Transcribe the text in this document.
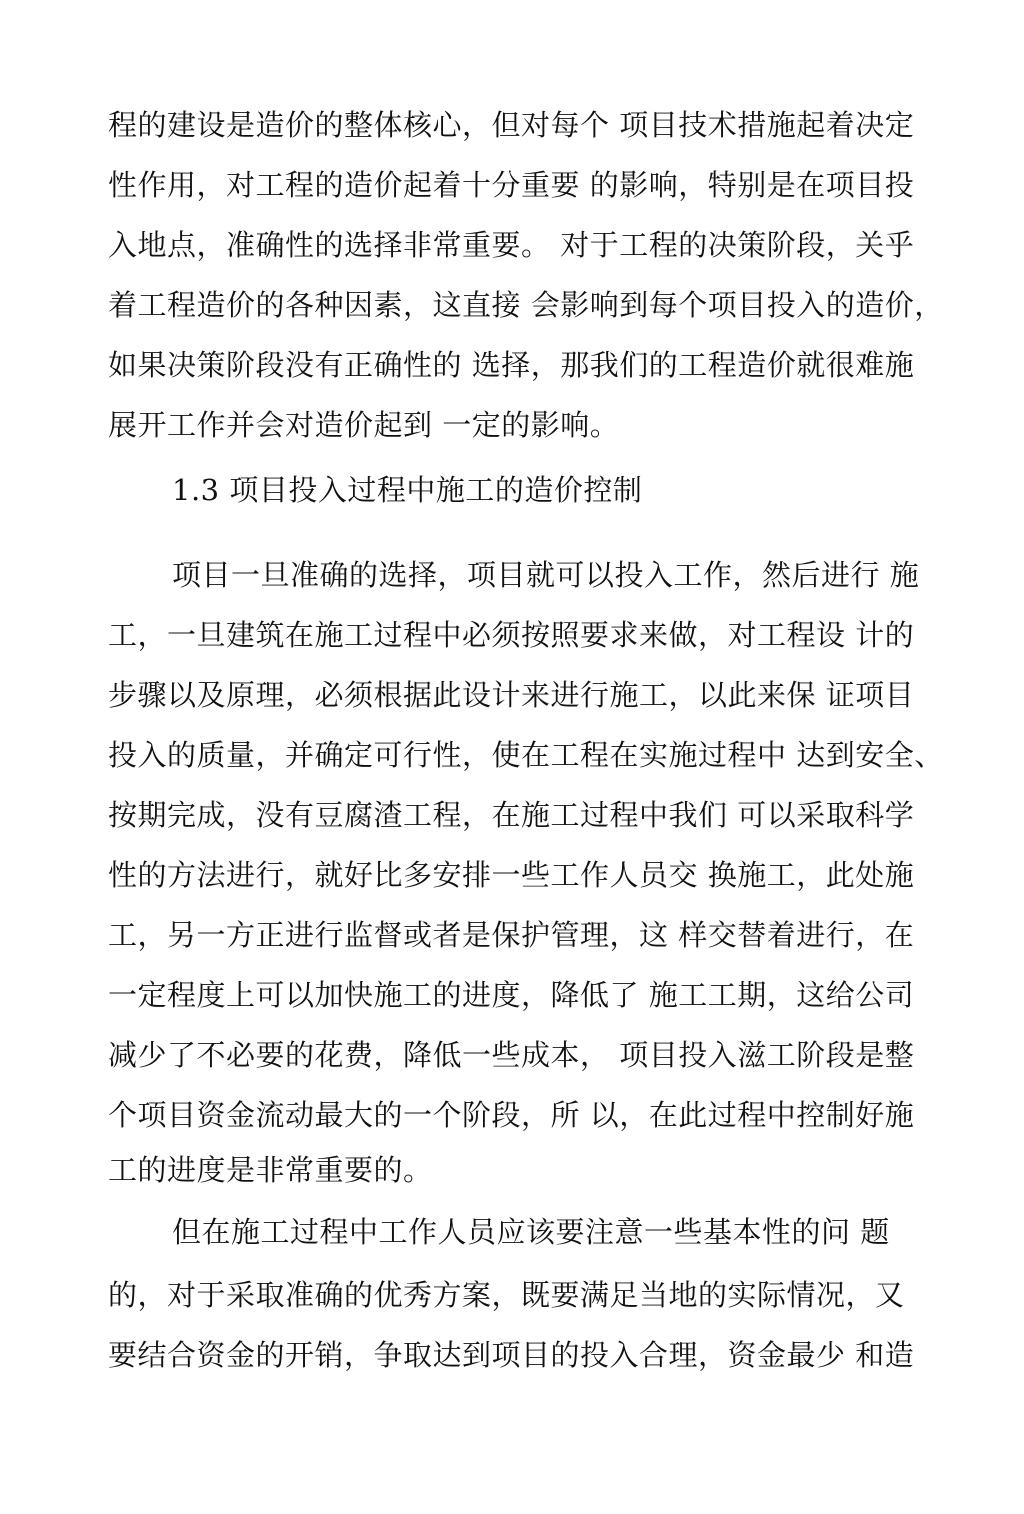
程的建设是造价的整体核心，但对每个 项目技术措施起着决定
性作用，对工程的造价起着十分重要 的影响，特别是在项目投
入地点，准确性的选择非常重要。 对于工程的决策阶段，关乎
着工程造价的各种因素，这直接 会影响到每个项目投入的造价，
如果决策阶段没有正确性的 选择，那我们的工程造价就很难施
展开工作并会对造价起到 一定的影响。
1.3 项目投入过程中施工的造价控制
项目一旦准确的选择，项目就可以投入工作，然后进行 施
工，一旦建筑在施工过程中必须按照要求来做，对工程设 计的
步骤以及原理，必须根据此设计来进行施工，以此来保 证项目
投入的质量，并确定可行性，使在工程在实施过程中 达到安全、
按期完成，没有豆腐渣工程，在施工过程中我们 可以采取科学
性的方法进行，就好比多安排一些工作人员交 换施工，此处施
工，另一方正进行监督或者是保护管理，这 样交替着进行，在
一定程度上可以加快施工的进度，降低了 施工工期，这给公司
减少了不必要的花费，降低一些成本， 项目投入滋工阶段是整
个项目资金流动最大的一个阶段，所 以，在此过程中控制好施
工的进度是非常重要的。
但在施工过程中工作人员应该要注意一些基本性的问 题
的，对于采取准确的优秀方案，既要满足当地的实际情况，又
要结合资金的开销，争取达到项目的投入合理，资金最少 和造
